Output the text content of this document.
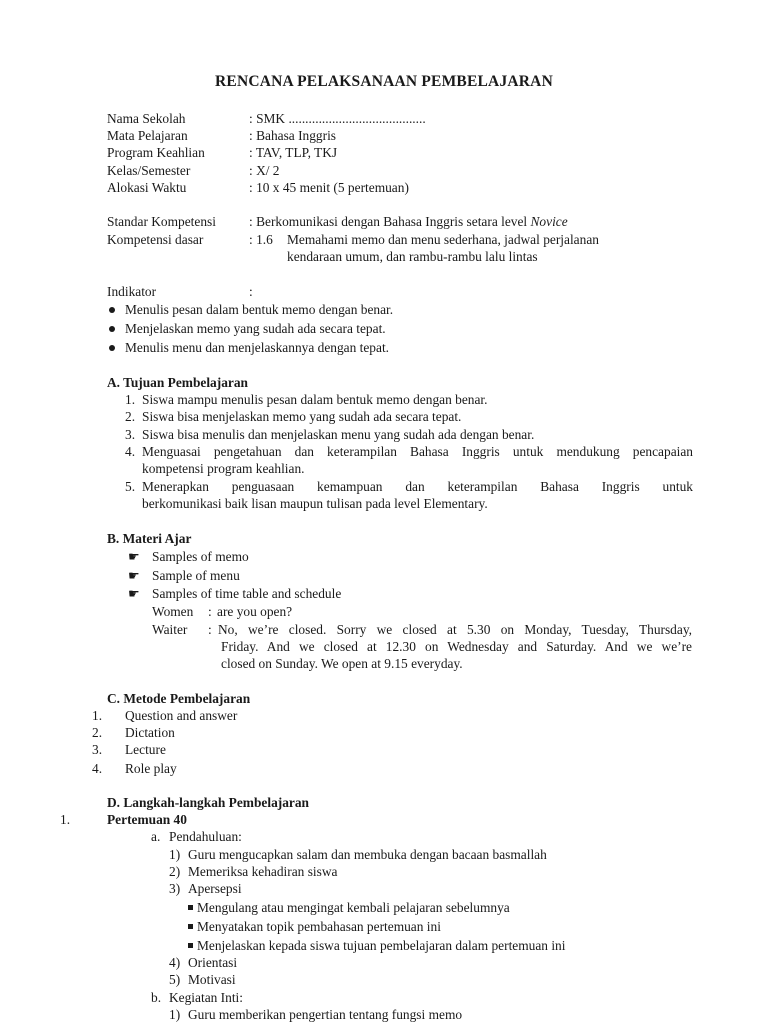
RENCANA PELAKSANAAN PEMBELAJARAN
Nama Sekolah	: SMK .........................................
Mata Pelajaran	: Bahasa Inggris
Program Keahlian	: TAV, TLP, TKJ
Kelas/Semester	: X/ 2
Alokasi Waktu	: 10 x 45 menit (5 pertemuan)
Standar Kompetensi : Berkomunikasi dengan Bahasa Inggris setara level Novice
Kompetensi dasar	: 1.6 Memahami memo dan menu sederhana, jadwal perjalanan
kendaraan umum, dan rambu-rambu lalu lintas
Indikator	:
Menulis pesan dalam bentuk memo dengan benar.
Menjelaskan memo yang sudah ada secara tepat.
Menulis menu dan menjelaskannya dengan tepat.
A. Tujuan Pembelajaran
1. Siswa mampu menulis pesan dalam bentuk memo dengan benar.
2. Siswa bisa menjelaskan memo yang sudah ada secara tepat.
3. Siswa bisa menulis dan menjelaskan menu yang sudah ada dengan benar.
4. Menguasai pengetahuan dan keterampilan Bahasa Inggris untuk mendukung pencapaian
kompetensi program keahlian.
5. Menerapkan penguasaan kemampuan dan keterampilan Bahasa Inggris untuk
berkomunikasi baik lisan maupun tulisan pada level Elementary.
B. Materi Ajar
☛ Samples of memo
☛ Sample of menu
☛ Samples of time table and schedule
Women : are you open?
Waiter : No, we’re closed. Sorry we closed at 5.30 on Monday, Tuesday, Thursday,
Friday. And we closed at 12.30 on Wednesday and Saturday. And we we’re
closed on Sunday. We open at 9.15 everyday.
C. Metode Pembelajaran
1. Question and answer
2. Dictation
3. Lecture
4. Role play
D. Langkah-langkah Pembelajaran
1.	Pertemuan 40
a. Pendahuluan:
1) Guru mengucapkan salam dan membuka dengan bacaan basmallah
2) Memeriksa kehadiran siswa
3) Apersepsi
Mengulang atau mengingat kembali pelajaran sebelumnya
Menyatakan topik pembahasan pertemuan ini
Menjelaskan kepada siswa tujuan pembelajaran dalam pertemuan ini
4) Orientasi
5) Motivasi
b. Kegiatan Inti:
1) Guru memberikan pengertian tentang fungsi memo
